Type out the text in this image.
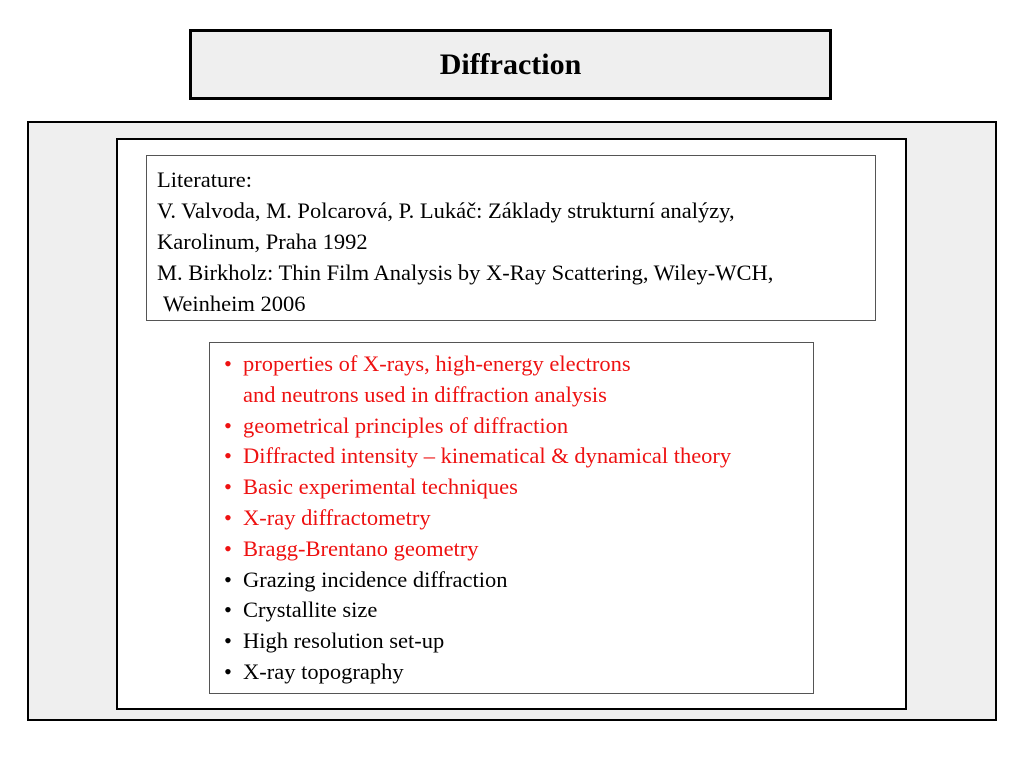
Diffraction
Literature:
V. Valvoda, M. Polcarová, P. Lukáč: Základy strukturní analýzy,
Karolinum, Praha 1992
M. Birkholz: Thin Film Analysis by X-Ray Scattering, Wiley-WCH,
Weinheim 2006
• properties of X-rays, high-energy electrons
and neutrons used in diffraction analysis
• geometrical principles of diffraction
• Diffracted intensity – kinematical & dynamical theory
• Basic experimental techniques
• X-ray diffractometry
• Bragg-Brentano geometry
• Grazing incidence diffraction
• Crystallite size
• High resolution set-up
• X-ray topography
